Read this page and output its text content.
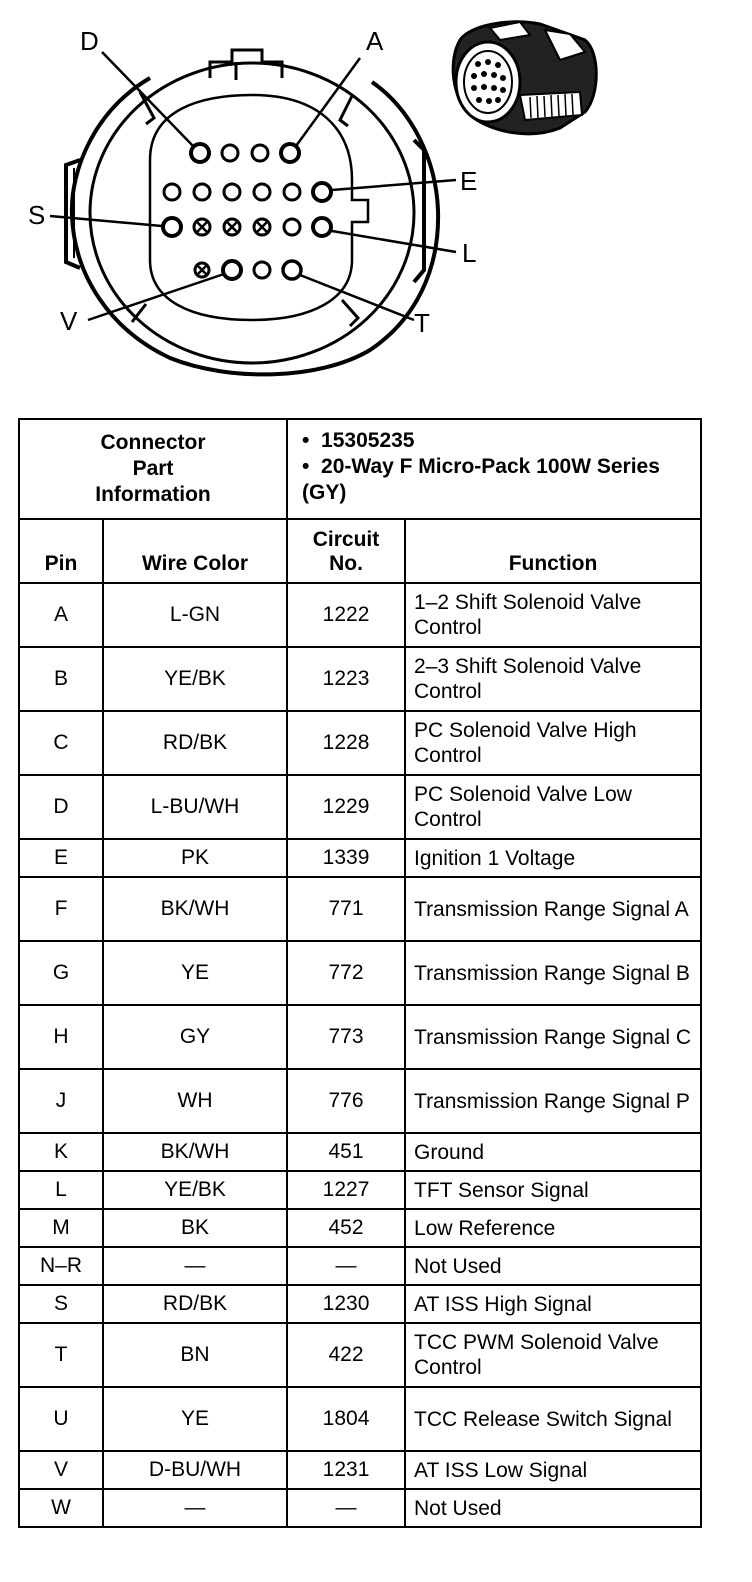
D	A
E
S
L
V	T
Connector Part Information		•  15305235
•  20-Way F Micro-Pack 100W Series (GY)	

Pin	Wire Color	Circuit No.	Function
A	L-GN	1222	1–2 Shift Solenoid Valve Control
B	YE/BK	1223	2–3 Shift Solenoid Valve Control
C	RD/BK	1228	PC Solenoid Valve High Control
D	L-BU/WH	1229	PC Solenoid Valve Low Control
E	PK	1339	Ignition 1 Voltage
F	BK/WH	771	Transmission Range Signal A
G	YE	772	Transmission Range Signal B
H	GY	773	Transmission Range Signal C
J	WH	776	Transmission Range Signal P
K	BK/WH	451	Ground
L	YE/BK	1227	TFT Sensor Signal
M	BK	452	Low Reference
N–R	—	—	Not Used
S	RD/BK	1230	AT ISS High Signal
T	BN	422	TCC PWM Solenoid Valve Control
U	YE	1804	TCC Release Switch Signal
V	D-BU/WH	1231	AT ISS Low Signal
W	—	—	Not Used
